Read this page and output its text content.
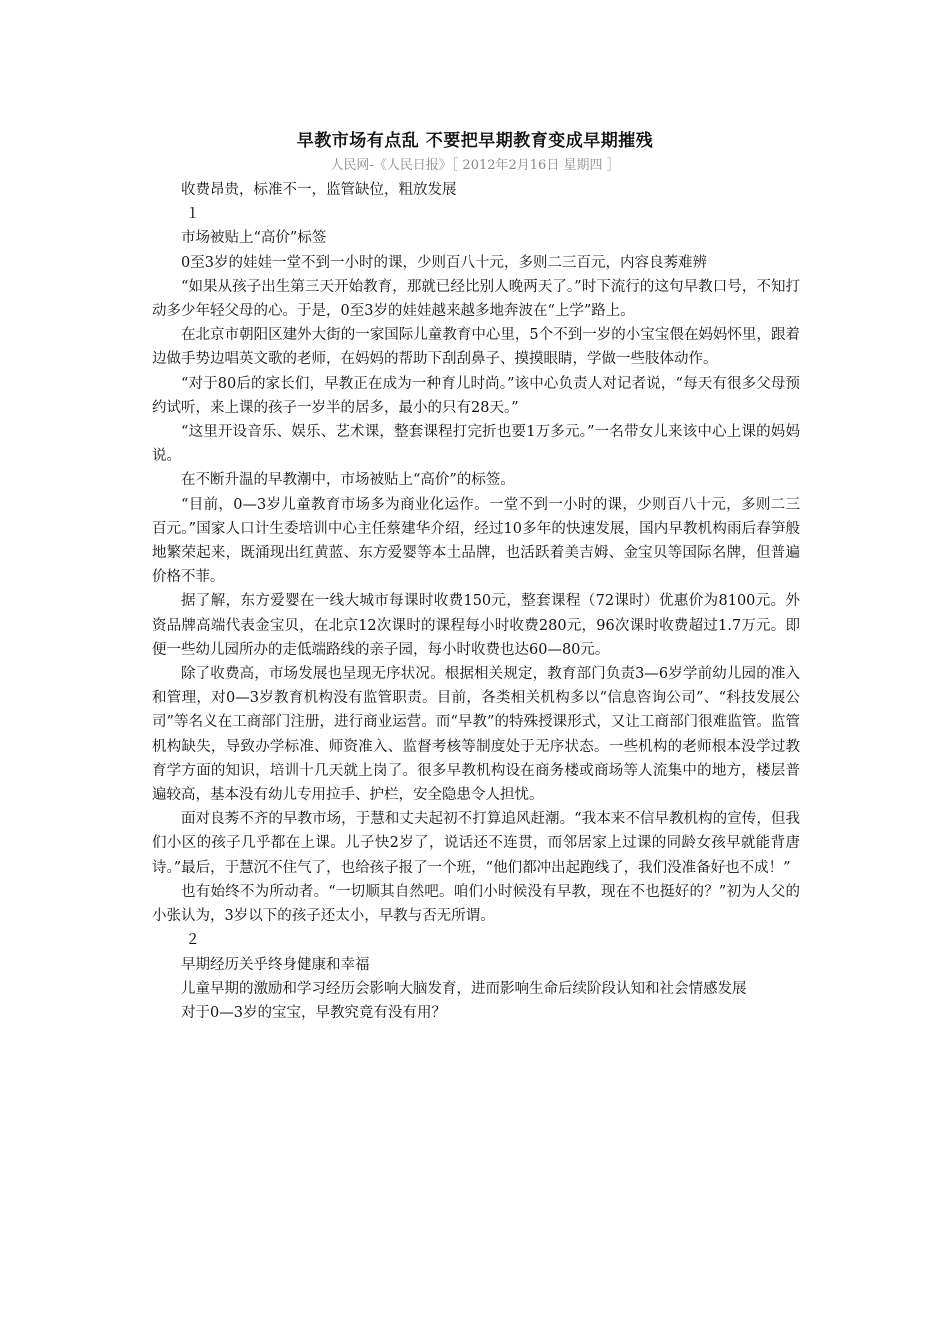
早教市场有点乱 不要把早期教育变成早期摧残
人民网-《人民日报》［ 2012年2月16日 星期四 ］

收费昂贵，标准不一，监管缺位，粗放发展

１

市场被贴上“高价”标签

0至3岁的娃娃一堂不到一小时的课，少则百八十元，多则二三百元，内容良莠难辨

“如果从孩子出生第三天开始教育，那就已经比别人晚两天了。”时下流行的这句早教口号，不知打动多少年轻父母的心。于是，0至3岁的娃娃越来越多地奔波在“上学”路上。

在北京市朝阳区建外大街的一家国际儿童教育中心里，5个不到一岁的小宝宝偎在妈妈怀里，跟着边做手势边唱英文歌的老师，在妈妈的帮助下刮刮鼻子、摸摸眼睛，学做一些肢体动作。

“对于80后的家长们，早教正在成为一种育儿时尚。”该中心负责人对记者说，“每天有很多父母预约试听，来上课的孩子一岁半的居多，最小的只有28天。”

“这里开设音乐、娱乐、艺术课，整套课程打完折也要1万多元。”一名带女儿来该中心上课的妈妈说。

在不断升温的早教潮中，市场被贴上“高价”的标签。

“目前，0—3岁儿童教育市场多为商业化运作。一堂不到一小时的课，少则百八十元，多则二三百元。”国家人口计生委培训中心主任蔡建华介绍，经过10多年的快速发展，国内早教机构雨后春笋般地繁荣起来，既涌现出红黄蓝、东方爱婴等本土品牌，也活跃着美吉姆、金宝贝等国际名牌，但普遍价格不菲。

据了解，东方爱婴在一线大城市每课时收费150元，整套课程（72课时）优惠价为8100元。外资品牌高端代表金宝贝，在北京12次课时的课程每小时收费280元，96次课时收费超过1.7万元。即便一些幼儿园所办的走低端路线的亲子园，每小时收费也达60—80元。

除了收费高，市场发展也呈现无序状况。根据相关规定，教育部门负责3—6岁学前幼儿园的准入和管理，对0—3岁教育机构没有监管职责。目前，各类相关机构多以“信息咨询公司”、“科技发展公司”等名义在工商部门注册，进行商业运营。而“早教”的特殊授课形式，又让工商部门很难监管。监管机构缺失，导致办学标准、师资准入、监督考核等制度处于无序状态。一些机构的老师根本没学过教育学方面的知识，培训十几天就上岗了。很多早教机构设在商务楼或商场等人流集中的地方，楼层普遍较高，基本没有幼儿专用拉手、护栏，安全隐患令人担忧。

面对良莠不齐的早教市场，于慧和丈夫起初不打算追风赶潮。“我本来不信早教机构的宣传，但我们小区的孩子几乎都在上课。儿子快2岁了，说话还不连贯，而邻居家上过课的同龄女孩早就能背唐诗。”最后，于慧沉不住气了，也给孩子报了一个班，“他们都冲出起跑线了，我们没准备好也不成！”

也有始终不为所动者。“一切顺其自然吧。咱们小时候没有早教，现在不也挺好的？”初为人父的小张认为，3岁以下的孩子还太小，早教与否无所谓。

２

早期经历关乎终身健康和幸福

儿童早期的激励和学习经历会影响大脑发育，进而影响生命后续阶段认知和社会情感发展

对于0—3岁的宝宝，早教究竟有没有用？
